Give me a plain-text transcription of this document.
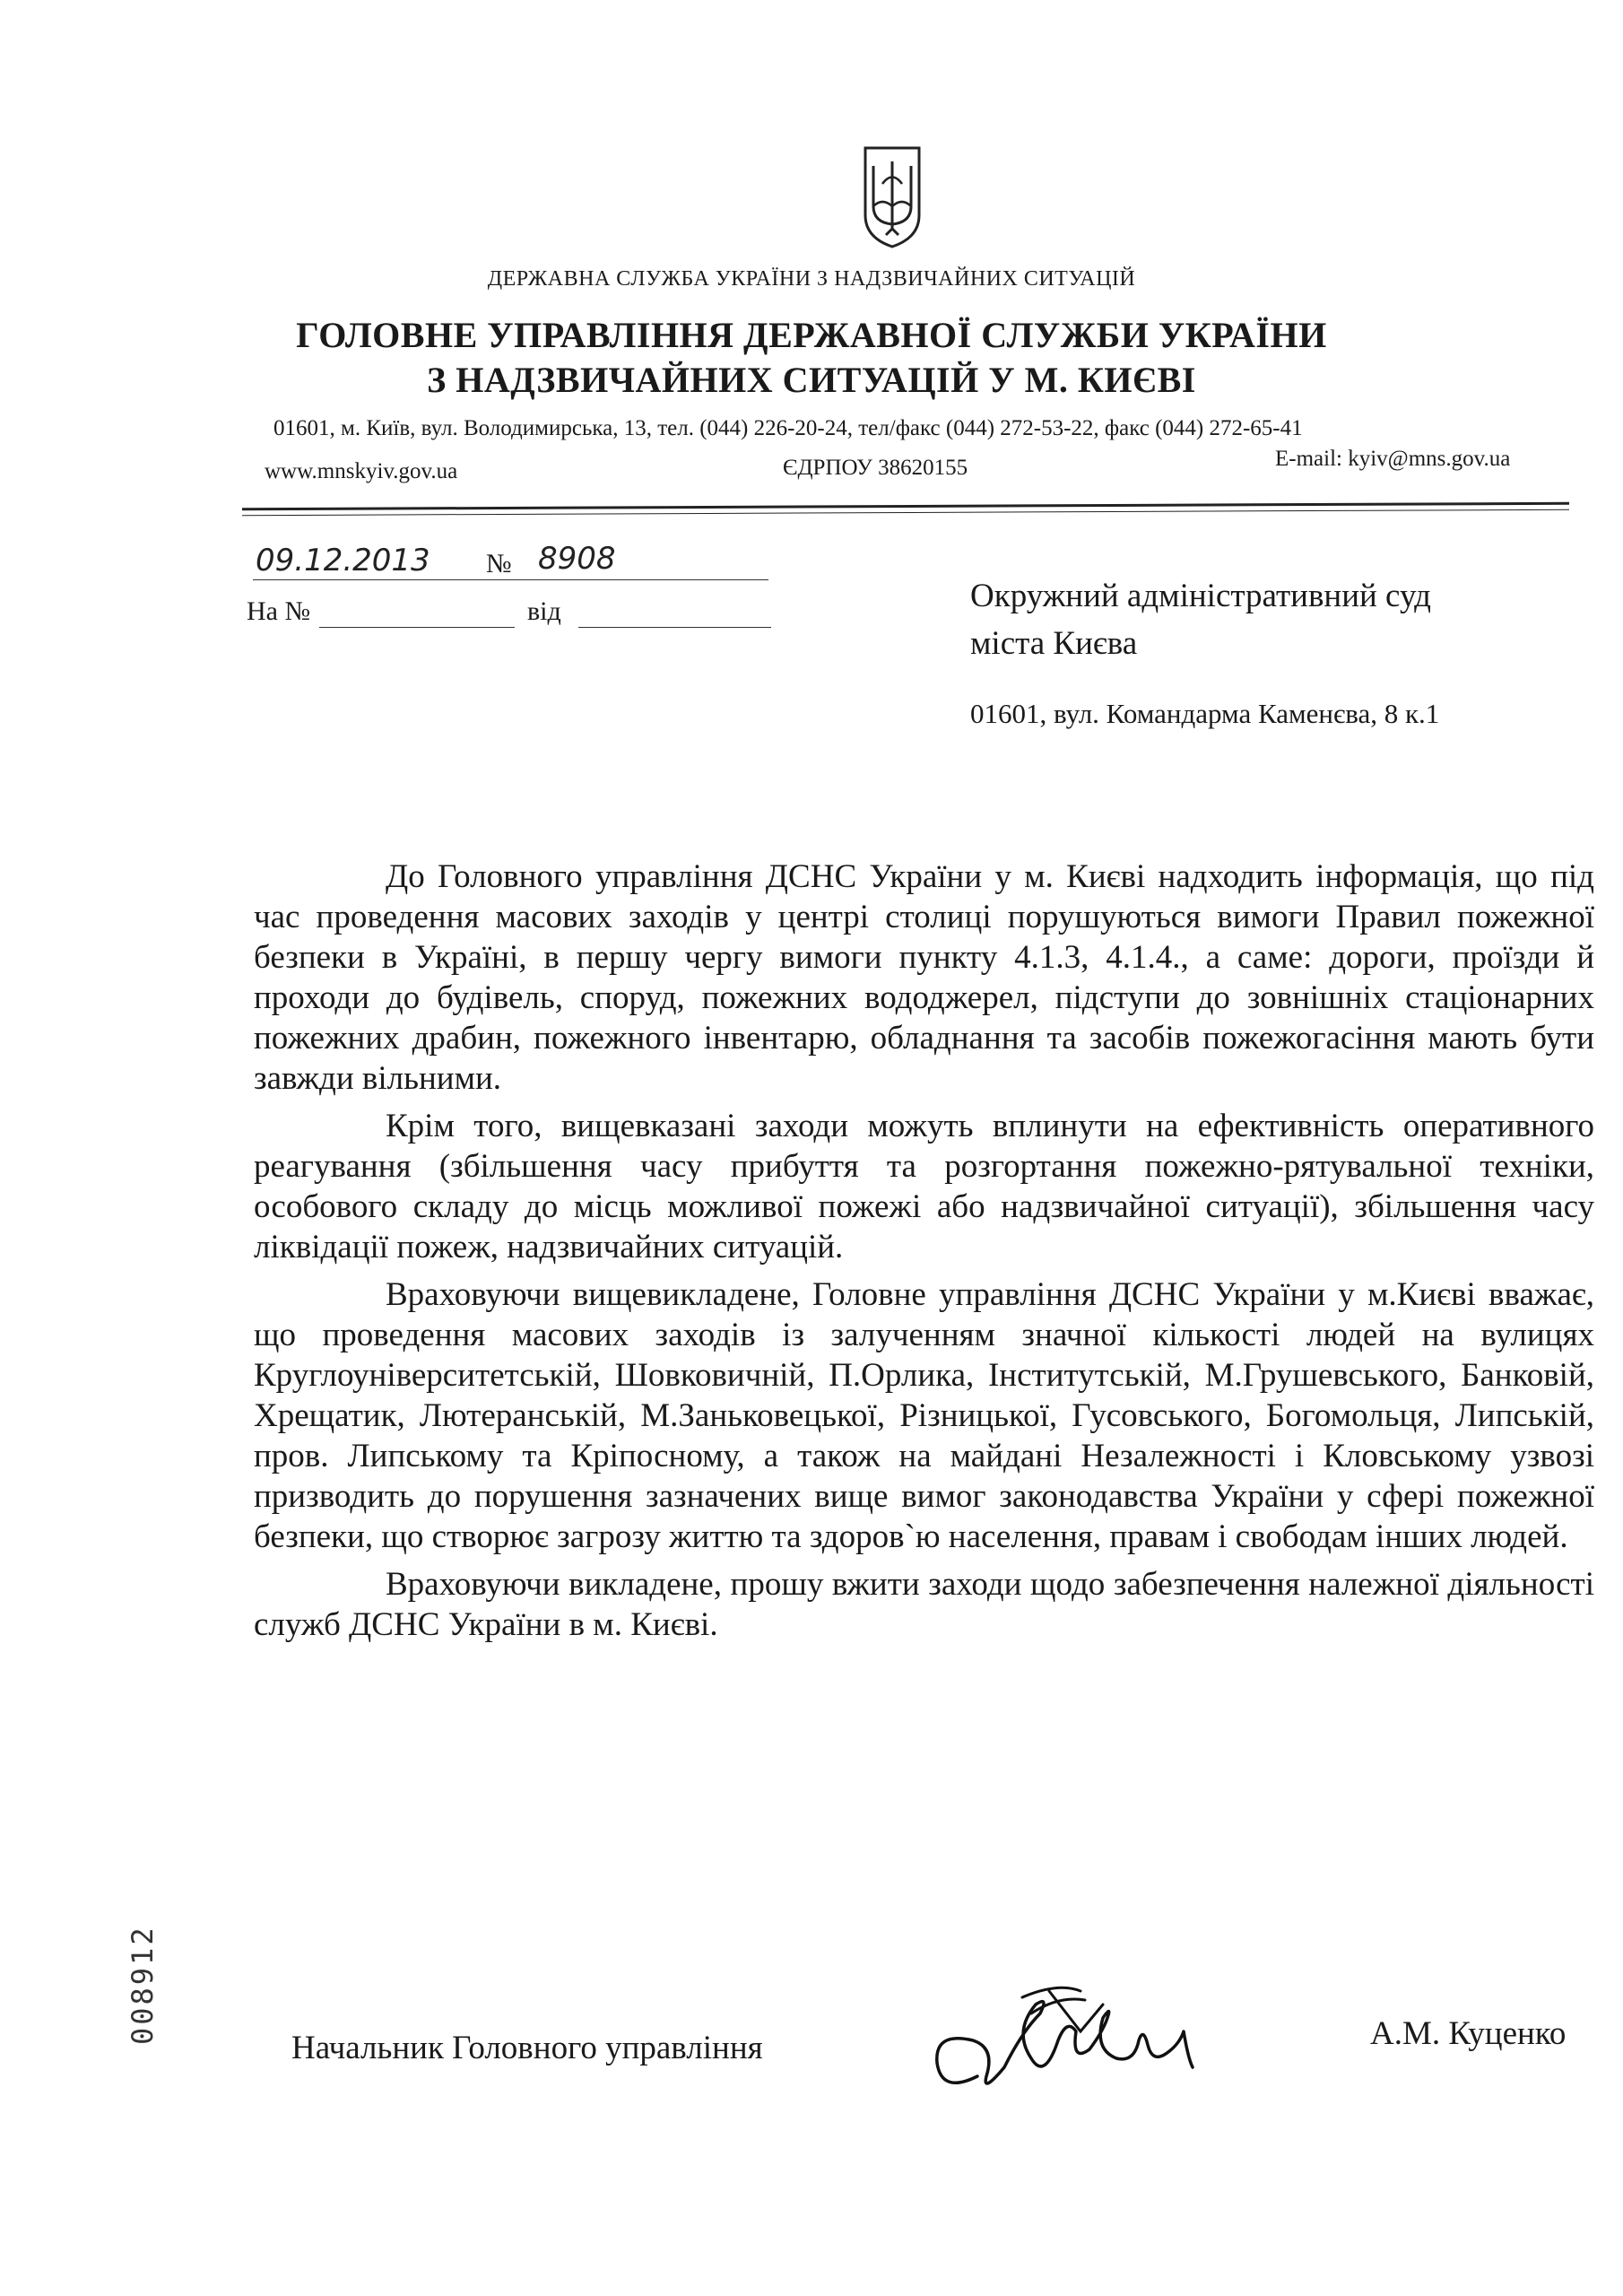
ДЕРЖАВНА СЛУЖБА УКРАЇНИ З НАДЗВИЧАЙНИХ СИТУАЦІЙ
ГОЛОВНЕ УПРАВЛІННЯ ДЕРЖАВНОЇ СЛУЖБИ УКРАЇНИ
З НАДЗВИЧАЙНИХ СИТУАЦІЙ У М. КИЄВІ
01601, м. Київ, вул. Володимирська, 13, тел. (044) 226-20-24, тел/факс (044) 272-53-22, факс (044) 272-65-41
www.mnskyiv.gov.ua	ЄДРПОУ 38620155	E-mail: kyiv@mns.gov.ua
09.12.2013 № 8908
На №	від	Окружний адміністративний суд
міста Києва
01601, вул. Командарма Каменєва, 8 к.1

До Головного управління ДСНС України у м. Києві надходить інформація, що під час проведення масових заходів у центрі столиці порушуються вимоги Правил пожежної безпеки в Україні, в першу чергу вимоги пункту 4.1.3, 4.1.4., а саме: дороги, проїзди й проходи до будівель, споруд, пожежних вододжерел, підступи до зовнішніх стаціонарних пожежних драбин, пожежного інвентарю, обладнання та засобів пожежогасіння мають бути завжди вільними.

Крім того, вищевказані заходи можуть вплинути на ефективність оперативного реагування (збільшення часу прибуття та розгортання пожежно-рятувальної техніки, особового складу до місць можливої пожежі або надзвичайної ситуації), збільшення часу ліквідації пожеж, надзвичайних ситуацій.

Враховуючи вищевикладене, Головне управління ДСНС України у м.Києві вважає, що проведення масових заходів із залученням значної кількості людей на вулицях Круглоуніверситетській, Шовковичній, П.Орлика, Інститутській, М.Грушевського, Банковій, Хрещатик, Лютеранській, М.Заньковецької, Різницької, Гусовського, Богомольця, Липській, пров. Липському та Кріпосному, а також на майдані Незалежності і Кловському узвозі призводить до порушення зазначених вище вимог законодавства України у сфері пожежної безпеки, що створює загрозу життю та здоров`ю населення, правам і свободам інших людей.

Враховуючи викладене, прошу вжити заходи щодо забезпечення належної діяльності служб ДСНС України в м. Києві.

008912
Начальник Головного управління	А.М. Куценко
